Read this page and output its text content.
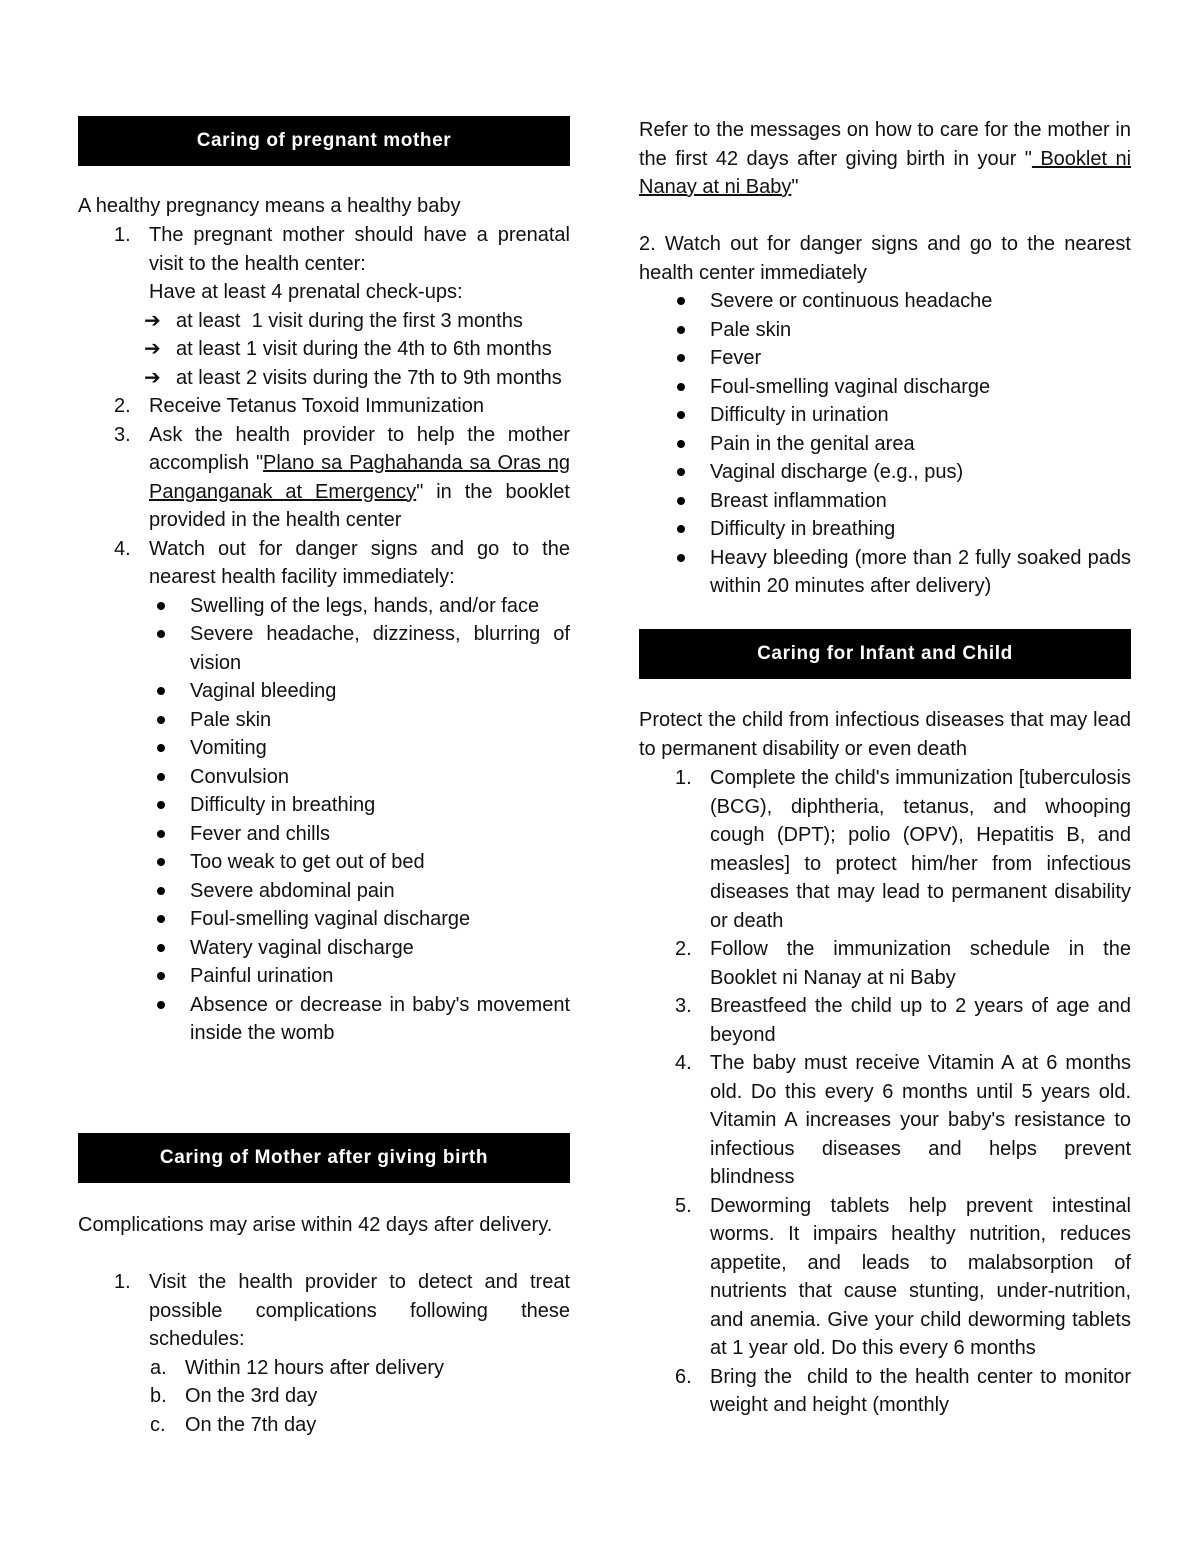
Caring of pregnant mother

A healthy pregnancy means a healthy baby

1. The pregnant mother should have a prenatal visit to the health center:
Have at least 4 prenatal check-ups:
➔ at least  1 visit during the first 3 months
➔ at least 1 visit during the 4th to 6th months
➔ at least 2 visits during the 7th to 9th months
2. Receive Tetanus Toxoid Immunization
3. Ask the health provider to help the mother accomplish "Plano sa Paghahanda sa Oras ng Panganganak at Emergency" in the booklet provided in the health center
4. Watch out for danger signs and go to the nearest health facility immediately:
Swelling of the legs, hands, and/or face
Severe headache, dizziness, blurring of vision
Vaginal bleeding
Pale skin
Vomiting
Convulsion
Difficulty in breathing
Fever and chills
Too weak to get out of bed
Severe abdominal pain
Foul-smelling vaginal discharge
Watery vaginal discharge
Painful urination
Absence or decrease in baby's movement inside the womb
Caring of Mother after giving birth

Complications may arise within 42 days after delivery.

1. Visit the health provider to detect and treat possible complications following these schedules:
a. Within 12 hours after delivery
b. On the 3rd day
c. On the 7th day

Refer to the messages on how to care for the mother in the first 42 days after giving birth in your " Booklet ni Nanay at ni Baby"

2. Watch out for danger signs and go to the nearest health center immediately

Severe or continuous headache
Pale skin
Fever
Foul-smelling vaginal discharge
Difficulty in urination
Pain in the genital area
Vaginal discharge (e.g., pus)
Breast inflammation
Difficulty in breathing
Heavy bleeding (more than 2 fully soaked pads within 20 minutes after delivery)
Caring for Infant and Child

Protect the child from infectious diseases that may lead to permanent disability or even death

1. Complete the child's immunization [tuberculosis (BCG), diphtheria, tetanus, and whooping cough (DPT); polio (OPV), Hepatitis B, and measles] to protect him/her from infectious diseases that may lead to permanent disability or death
2. Follow the immunization schedule in the Booklet ni Nanay at ni Baby
3. Breastfeed the child up to 2 years of age and beyond
4. The baby must receive Vitamin A at 6 months old. Do this every 6 months until 5 years old. Vitamin A increases your baby's resistance to infectious diseases and helps prevent blindness
5. Deworming tablets help prevent intestinal worms. It impairs healthy nutrition, reduces appetite, and leads to malabsorption of nutrients that cause stunting, under-nutrition, and anemia. Give your child deworming tablets at 1 year old. Do this every 6 months
6. Bring the  child to the health center to monitor weight and height (monthly
